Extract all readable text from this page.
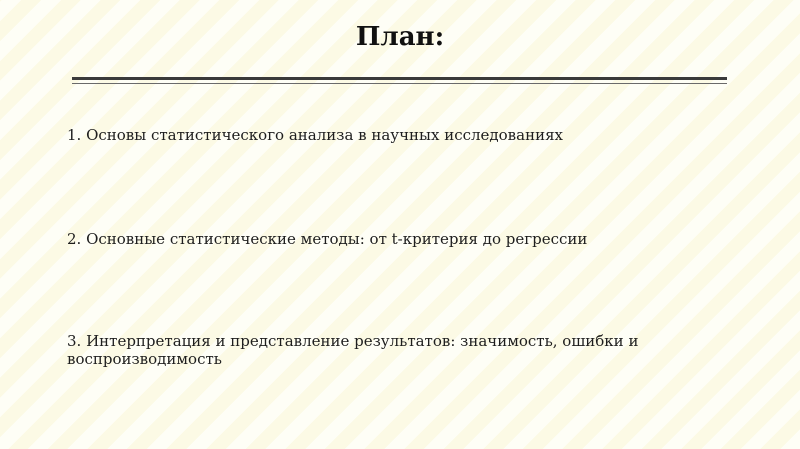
План:
1. Основы статистического анализа в научных исследованиях
2. Основные статистические методы: от t-критерия до регрессии
3. Интерпретация и представление результатов: значимость, ошибки и воспроизводимость
